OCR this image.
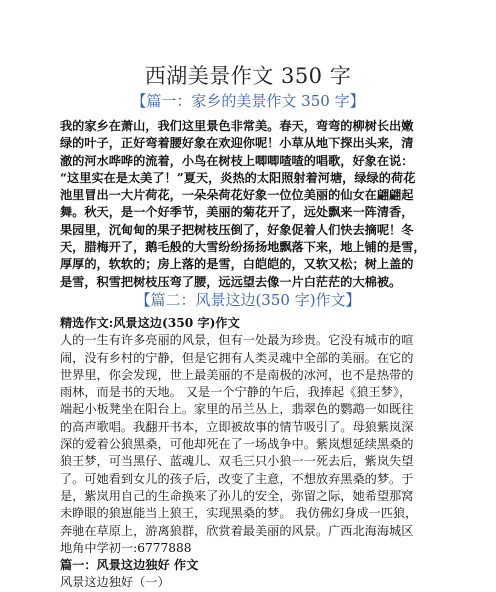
西湖美景作文 350 字
【篇一：家乡的美景作文 350 字】
我的家乡在萧山，我们这里景色非常美。春天，弯弯的柳树长出嫩
绿的叶子，正好弯着腰好象在欢迎你呢！小草从地下探出头来，清
澈的河水哗哗的流着，小鸟在树枝上唧唧喳喳的唱歌，好象在说：
“这里实在是太美了！”夏天，炎热的太阳照射着河塘，绿绿的荷花
池里冒出一大片荷花，一朵朵荷花好象一位位美丽的仙女在翩翩起
舞。秋天，是一个好季节，美丽的菊花开了，远处飘来一阵清香，
果园里，沉甸甸的果子把树枝压倒了，好象促着人们快去摘呢！冬
天，腊梅开了，鹅毛般的大雪纷纷扬扬地飘落下来，地上铺的是雪，
厚厚的，软软的；房上落的是雪，白皑皑的，又软又松；树上盖的
是雪，积雪把树枝压弯了腰，远远望去像一片白茫茫的大棉被。
【篇二：风景这边(350 字)作文】
精选作文:风景这边(350 字)作文
人的一生有许多亮丽的风景，但有一处最为珍贵。它没有城市的喧
闹，没有乡村的宁静，但是它拥有人类灵魂中全部的美丽。在它的
世界里，你会发现，世上最美丽的不是南极的冰河，也不是热带的
雨林，而是书的天地。 又是一个宁静的午后，我捧起《狼王梦》，
端起小板凳坐在阳台上。家里的吊兰丛上，翡翠色的鹦鹉一如既往
的高声歌唱。我翻开书本，立即被故事的情节吸引了。母狼紫岚深
深的爱着公狼黑桑，可他却死在了一场战争中。紫岚想延续黑桑的
狼王梦，可当黑仔、蓝魂儿、双毛三只小狼一一死去后，紫岚失望
了。可她看到女儿的孩子后，改变了主意，不想放弃黑桑的梦。于
是，紫岚用自己的生命换来了孙儿的安全，弥留之际，她希望那窝
未睁眼的狼崽能当上狼王，实现黑桑的梦。 我仿佛幻身成一匹狼，
奔驰在草原上，游离狼群，欣赏着最美丽的风景。广西北海海城区
地角中学初一:6777888
篇一：风景这边独好 作文
风景这边独好（一）
